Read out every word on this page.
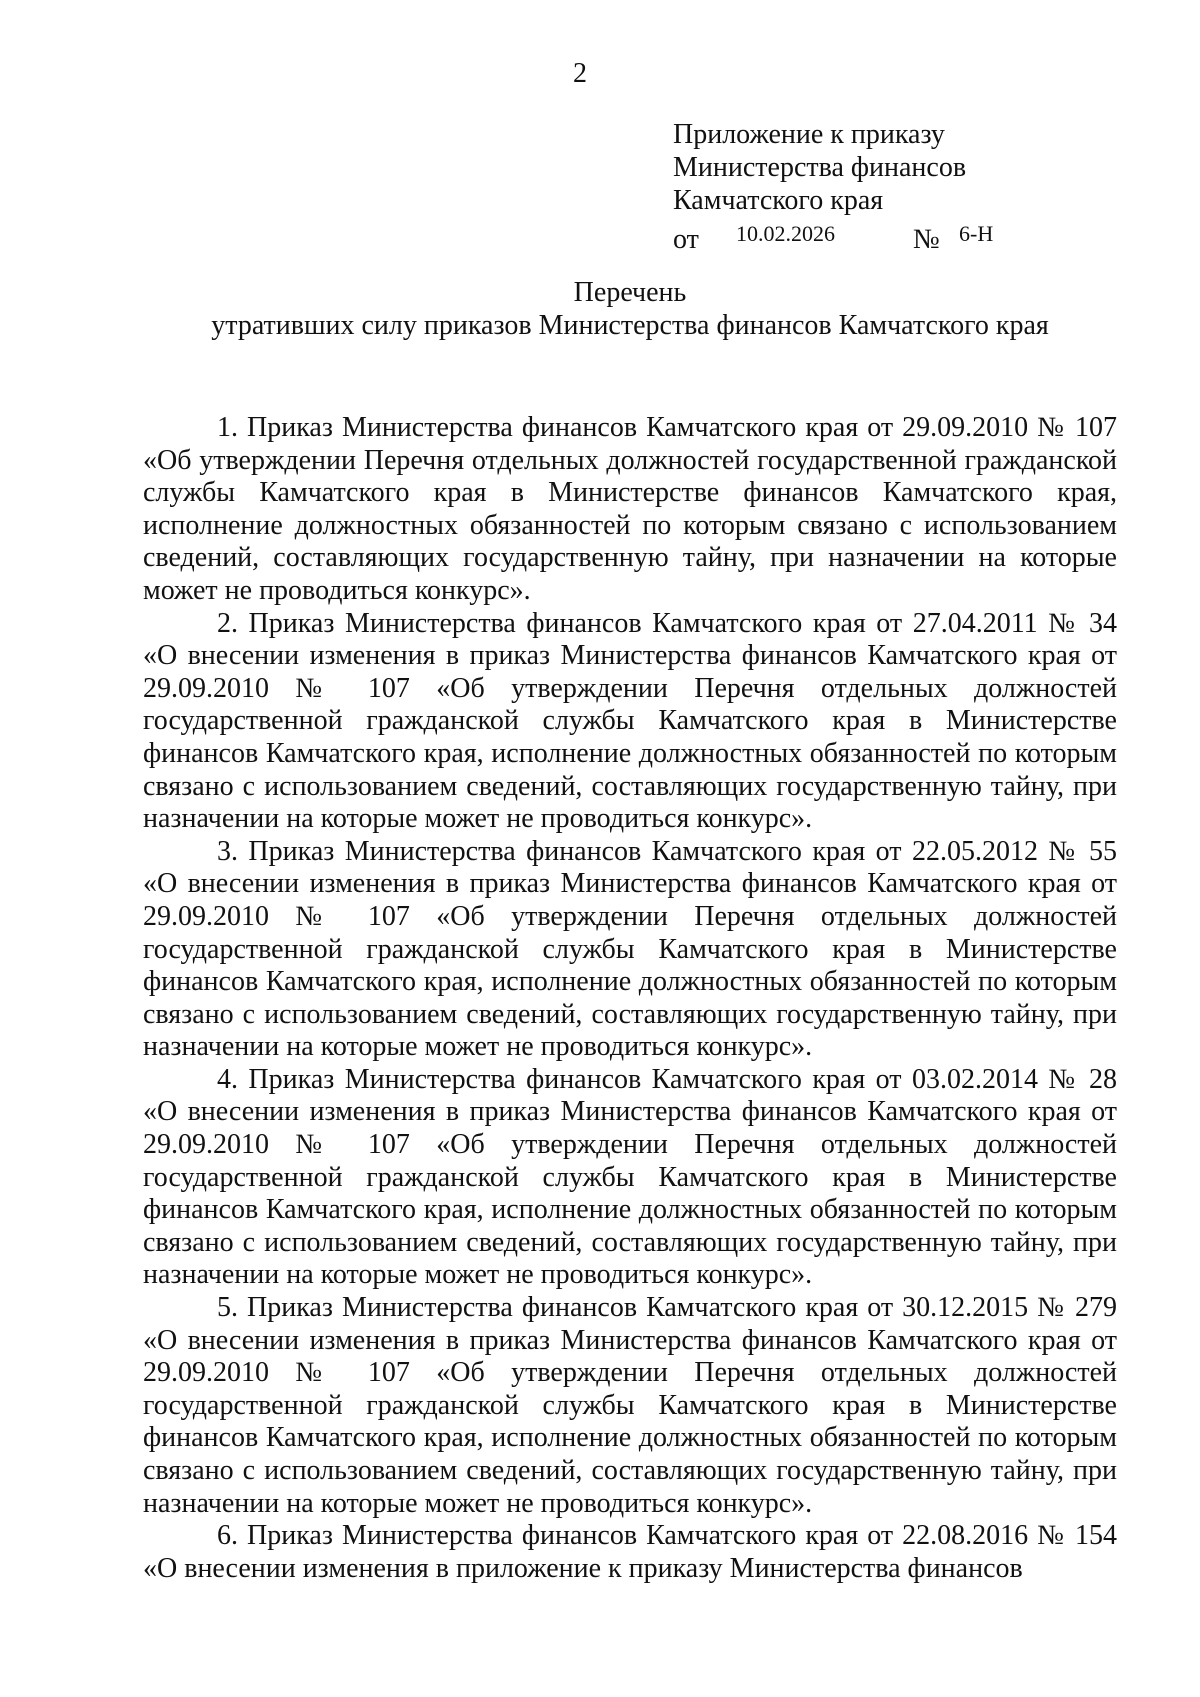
2
Приложение к приказу
Министерства финансов
Камчатского края
от 10.02.2026	№ 6-Н
Перечень
утративших силу приказов Министерства финансов Камчатского края

1. Приказ Министерства финансов Камчатского края от 29.09.2010 № 107 «Об утверждении Перечня отдельных должностей государственной гражданской службы Камчатского края в Министерстве финансов Камчатского края, исполнение должностных обязанностей по которым связано с использованием сведений, составляющих государственную тайну, при назначении на которые может не проводиться конкурс».

2. Приказ Министерства финансов Камчатского края от 27.04.2011 № 34 «О внесении изменения в приказ Министерства финансов Камчатского края от 29.09.2010 № 107 «Об утверждении Перечня отдельных должностей государственной гражданской службы Камчатского края в Министерстве финансов Камчатского края, исполнение должностных обязанностей по которым связано с использованием сведений, составляющих государственную тайну, при назначении на которые может не проводиться конкурс».

3. Приказ Министерства финансов Камчатского края от 22.05.2012 № 55 «О внесении изменения в приказ Министерства финансов Камчатского края от 29.09.2010 № 107 «Об утверждении Перечня отдельных должностей государственной гражданской службы Камчатского края в Министерстве финансов Камчатского края, исполнение должностных обязанностей по которым связано с использованием сведений, составляющих государственную тайну, при назначении на которые может не проводиться конкурс».

4. Приказ Министерства финансов Камчатского края от 03.02.2014 № 28 «О внесении изменения в приказ Министерства финансов Камчатского края от 29.09.2010 № 107 «Об утверждении Перечня отдельных должностей государственной гражданской службы Камчатского края в Министерстве финансов Камчатского края, исполнение должностных обязанностей по которым связано с использованием сведений, составляющих государственную тайну, при назначении на которые может не проводиться конкурс».

5. Приказ Министерства финансов Камчатского края от 30.12.2015 № 279 «О внесении изменения в приказ Министерства финансов Камчатского края от 29.09.2010 № 107 «Об утверждении Перечня отдельных должностей государственной гражданской службы Камчатского края в Министерстве финансов Камчатского края, исполнение должностных обязанностей по которым связано с использованием сведений, составляющих государственную тайну, при назначении на которые может не проводиться конкурс».

6. Приказ Министерства финансов Камчатского края от 22.08.2016 № 154 «О внесении изменения в приложение к приказу Министерства финансов
